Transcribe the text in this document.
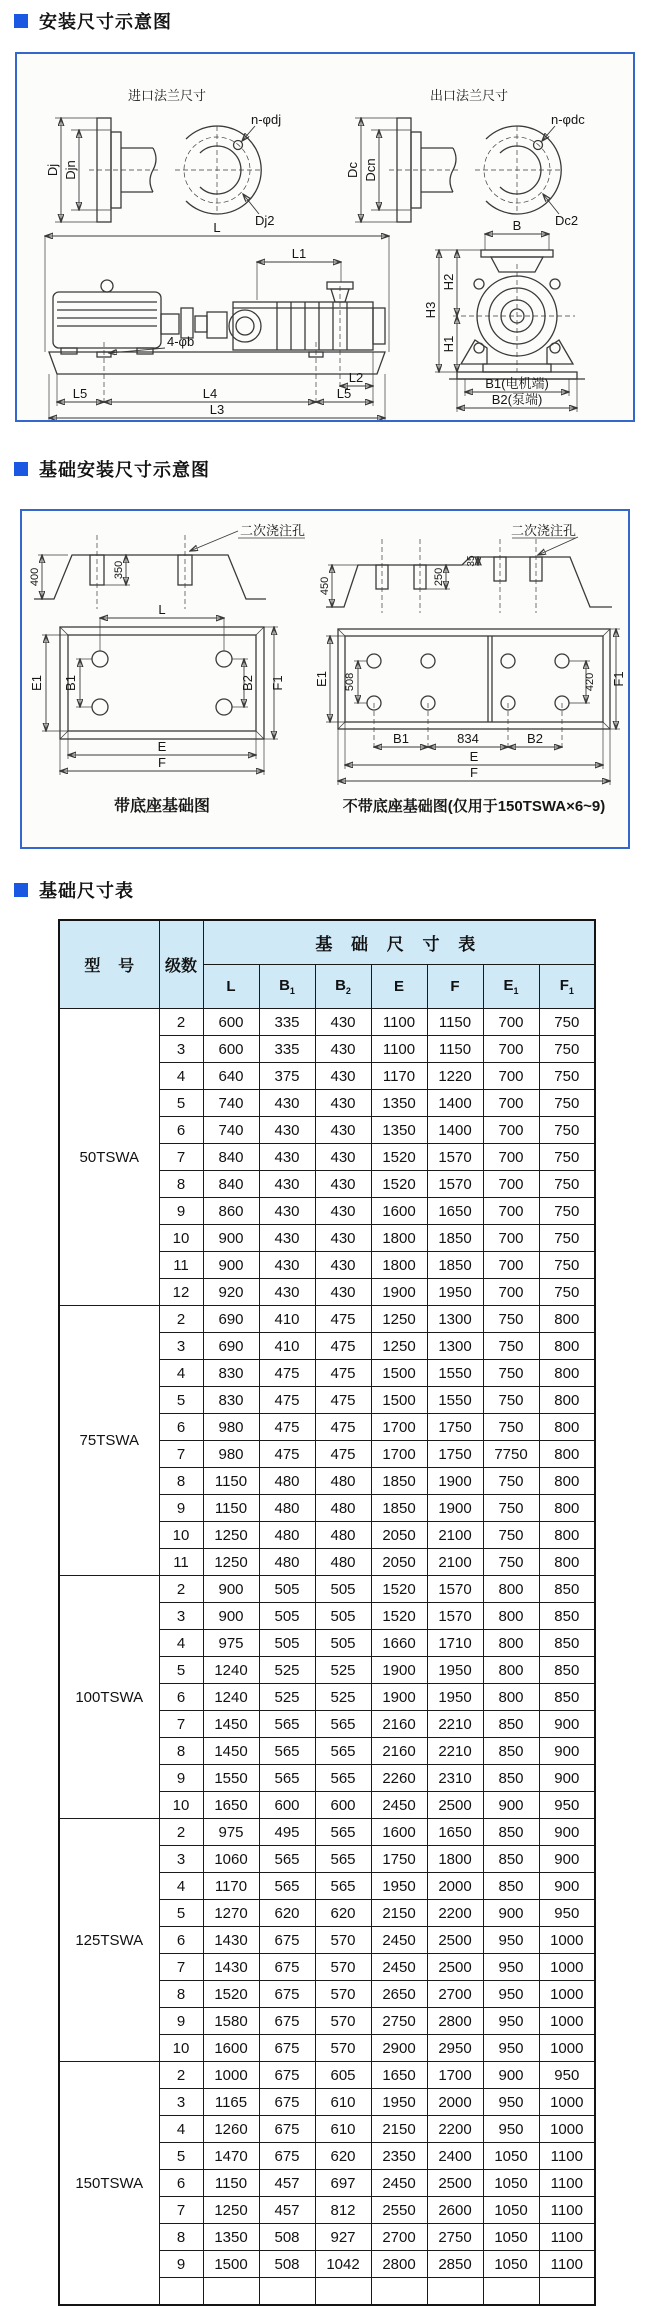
安装尺寸示意图
进口法兰尺寸	出口法兰尺寸
Dj Djn
n-φdj
Dj2
Dc Dcn
n-φdc
Dc2
L
L1
4-φb
L2
L5	L4	L5
L3
B
H3
H2
H1
B1(电机端)
B2(泵端)
基础安装尺寸示意图
400	350
二次浇注孔
L
E1 B1	B2 F1
E
F
带底座基础图
450	250
35
二次浇注孔
E1 508	420 F1
B1	834	B2
E
F
不带底座基础图(仅用于150TSWA×6~9)
基础尺寸表
型    号	级数	基 础 尺 寸 表						
		L	$B_1$	$B_2$	E	F	$E_1$	$F_1$
50TSWA	2	600	335	430	1100	1150	700	750
	3	600	335	430	1100	1150	700	750
	4	640	375	430	1170	1220	700	750
	5	740	430	430	1350	1400	700	750
	6	740	430	430	1350	1400	700	750
	7	840	430	430	1520	1570	700	750
	8	840	430	430	1520	1570	700	750
	9	860	430	430	1600	1650	700	750
	10	900	430	430	1800	1850	700	750
	11	900	430	430	1800	1850	700	750
	12	920	430	430	1900	1950	700	750
75TSWA	2	690	410	475	1250	1300	750	800
	3	690	410	475	1250	1300	750	800
	4	830	475	475	1500	1550	750	800
	5	830	475	475	1500	1550	750	800
	6	980	475	475	1700	1750	750	800
	7	980	475	475	1700	1750	7750	800
	8	1150	480	480	1850	1900	750	800
	9	1150	480	480	1850	1900	750	800
	10	1250	480	480	2050	2100	750	800
	11	1250	480	480	2050	2100	750	800
100TSWA	2	900	505	505	1520	1570	800	850
	3	900	505	505	1520	1570	800	850
	4	975	505	505	1660	1710	800	850
	5	1240	525	525	1900	1950	800	850
	6	1240	525	525	1900	1950	800	850
	7	1450	565	565	2160	2210	850	900
	8	1450	565	565	2160	2210	850	900
	9	1550	565	565	2260	2310	850	900
	10	1650	600	600	2450	2500	900	950
125TSWA	2	975	495	565	1600	1650	850	900
	3	1060	565	565	1750	1800	850	900
	4	1170	565	565	1950	2000	850	900
	5	1270	620	620	2150	2200	900	950
	6	1430	675	570	2450	2500	950	1000
	7	1430	675	570	2450	2500	950	1000
	8	1520	675	570	2650	2700	950	1000
	9	1580	675	570	2750	2800	950	1000
	10	1600	675	570	2900	2950	950	1000
150TSWA	2	1000	675	605	1650	1700	900	950
	3	1165	675	610	1950	2000	950	1000
	4	1260	675	610	2150	2200	950	1000
	5	1470	675	620	2350	2400	1050	1100
	6	1150	457	697	2450	2500	1050	1100
	7	1250	457	812	2550	2600	1050	1100
	8	1350	508	927	2700	2750	1050	1100
	9	1500	508	1042	2800	2850	1050	1100
